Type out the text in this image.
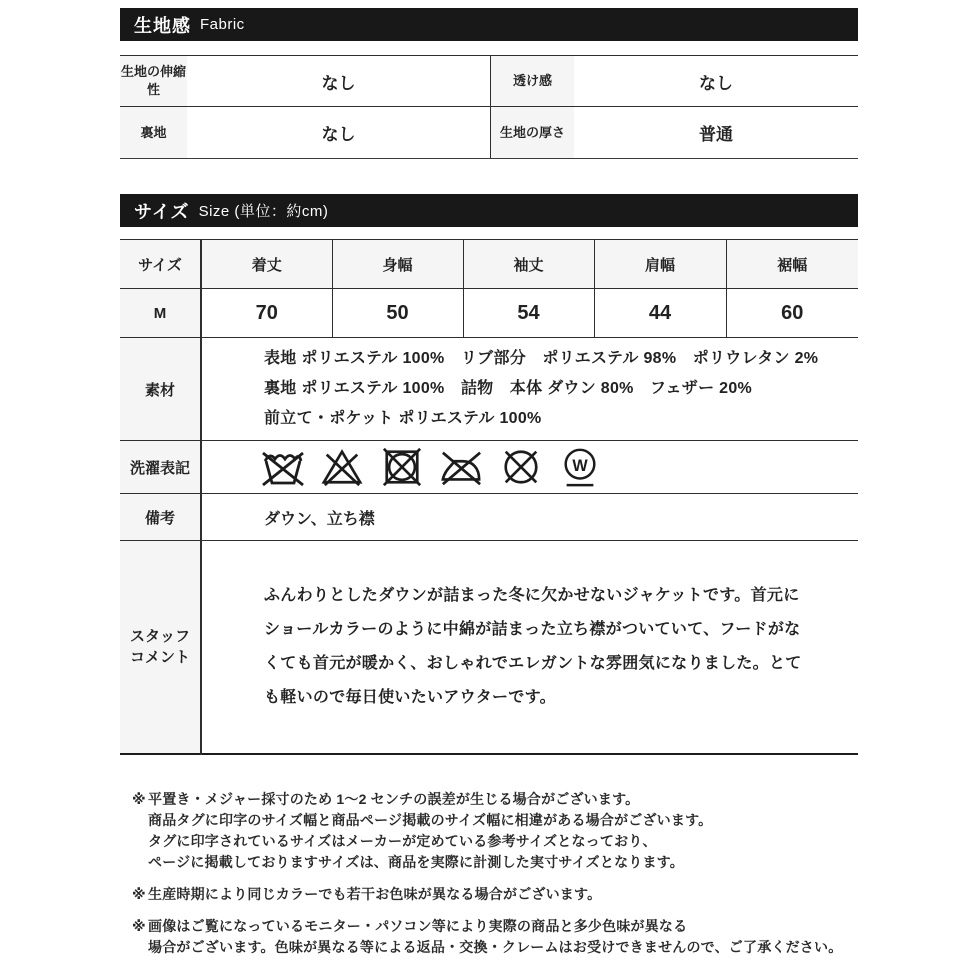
生地感 Fabric
生地の伸縮性	なし	透け感	なし
裏地	なし	生地の厚さ	普通
サイズ Size (単位：約cm)
サイズ	着丈	身幅	袖丈	肩幅	裾幅
M	70	50	54	44	60
素材	表地 ポリエステル 100%　リブ部分　ポリエステル 98%　ポリウレタン 2%
裏地 ポリエステル 100%　詰物　本体 ダウン 80%　フェザー 20%
前立て・ポケット ポリエステル 100%				

洗濯表記	W				

備考	ダウン、立ち襟				

スタッフコメント	ふんわりとしたダウンが詰まった冬に欠かせないジャケットです。首元にショールカラーのように中綿が詰まった立ち襟がついていて、フードがなくても首元が暖かく、おしゃれでエレガントな雰囲気になりました。とても軽いので毎日使いたいアウターです。				

※ 平置き・メジャー採寸のため 1～2 センチの誤差が生じる場合がございます。
商品タグに印字のサイズ幅と商品ページ掲載のサイズ幅に相違がある場合がございます。
タグに印字されているサイズはメーカーが定めている参考サイズとなっており、
ページに掲載しておりますサイズは、商品を実際に計測した実寸サイズとなります。
※ 生産時期により同じカラーでも若干お色味が異なる場合がございます。
※ 画像はご覧になっているモニター・パソコン等により実際の商品と多少色味が異なる
場合がございます。色味が異なる等による返品・交換・クレームはお受けできませんので、ご了承ください。
